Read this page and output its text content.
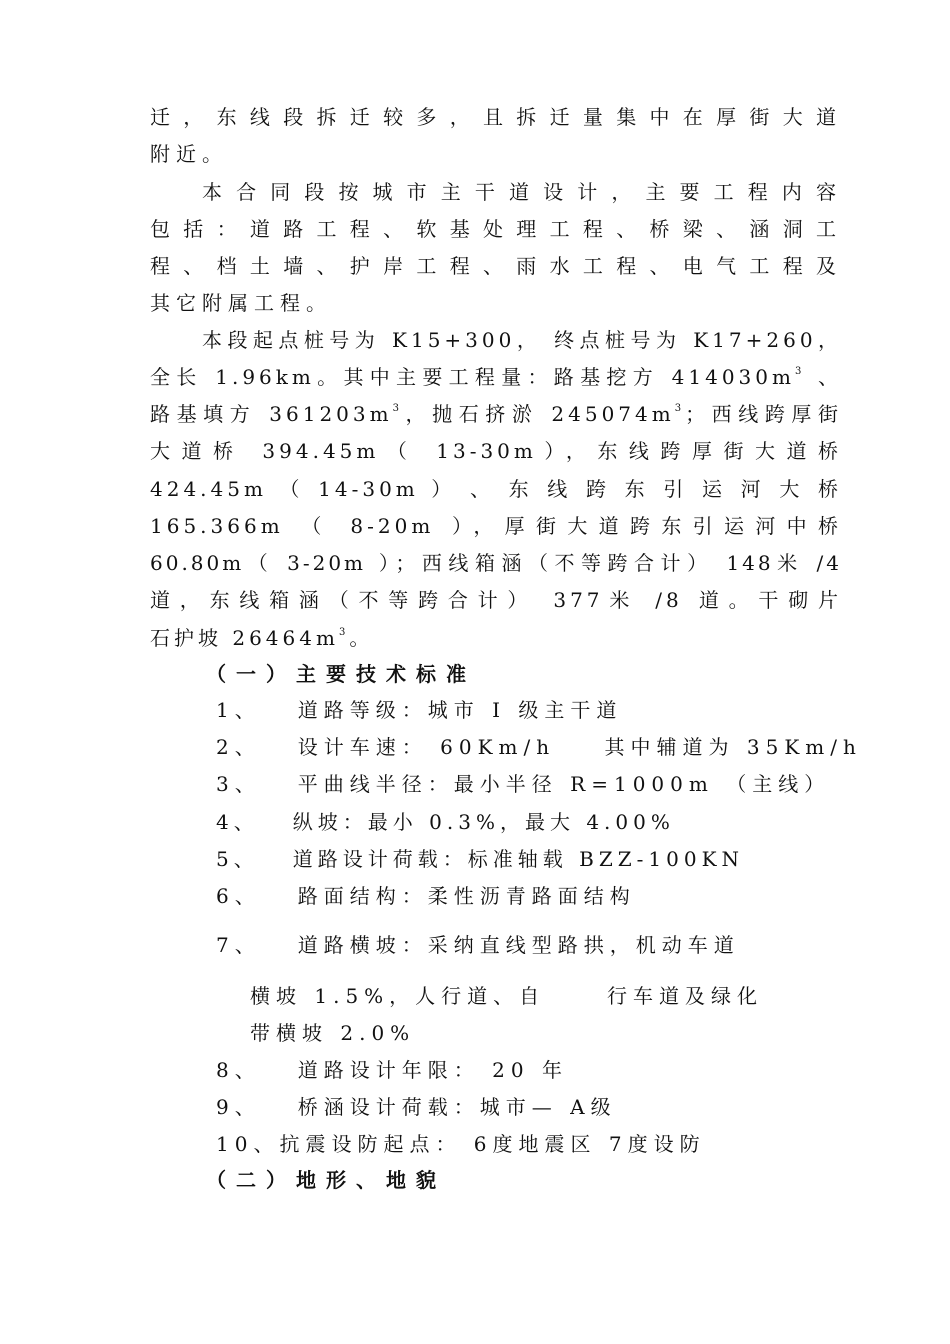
迁，东线段拆迁较多，且拆迁量集中在厚街大道
附近。
本合同段按城市主干道设计，主要工程内容
包括：道路工程、软基处理工程、桥梁、涵洞工
程、档土墙、护岸工程、雨水工程、电气工程及
其它附属工程。
本段起点桩号为 K15+300， 终点桩号为 K17+260，
全长 1.96km。其中主要工程量：路基挖方 $414030m^3$ 、
路基填方 $361203m^3$，抛石挤淤 $245074m^3$；西线跨厚街
大道桥 394.45m（ 13-30m），东线跨厚街大道桥
424.45m （ 14-30m ） 、 东 线 跨 东 引 运 河 大 桥
165.366m （ 8-20m ），厚街大道跨东引运河中桥
60.80m（ 3-20m ）；西线箱涵（不等跨合计） 148米 /4
道，东线箱涵（不等跨合计） 377米 /8 道。干砌片
石护坡 $26464m^3$。
（一）主要技术标准
1、   道路等级：城市 Ⅰ 级主干道
2、   设计车速： 60Km/h    其中辅道为 35Km/h
3、   平曲线半径：最小半径 R=1000m （主线）
4、   纵坡：最小 0.3%，最大 4.00%
5、   道路设计荷载：标准轴载 BZZ-100KN
6、   路面结构：柔性沥青路面结构
7、   道路横坡：采纳直线型路拱，机动车道
横坡 1.5%，人行道、自     行车道及绿化
带横坡 2.0%
8、   道路设计年限： 20 年
9、   桥涵设计荷载：城市— A级
10、抗震设防起点： 6度地震区 7度设防
（二）地形、地貌
